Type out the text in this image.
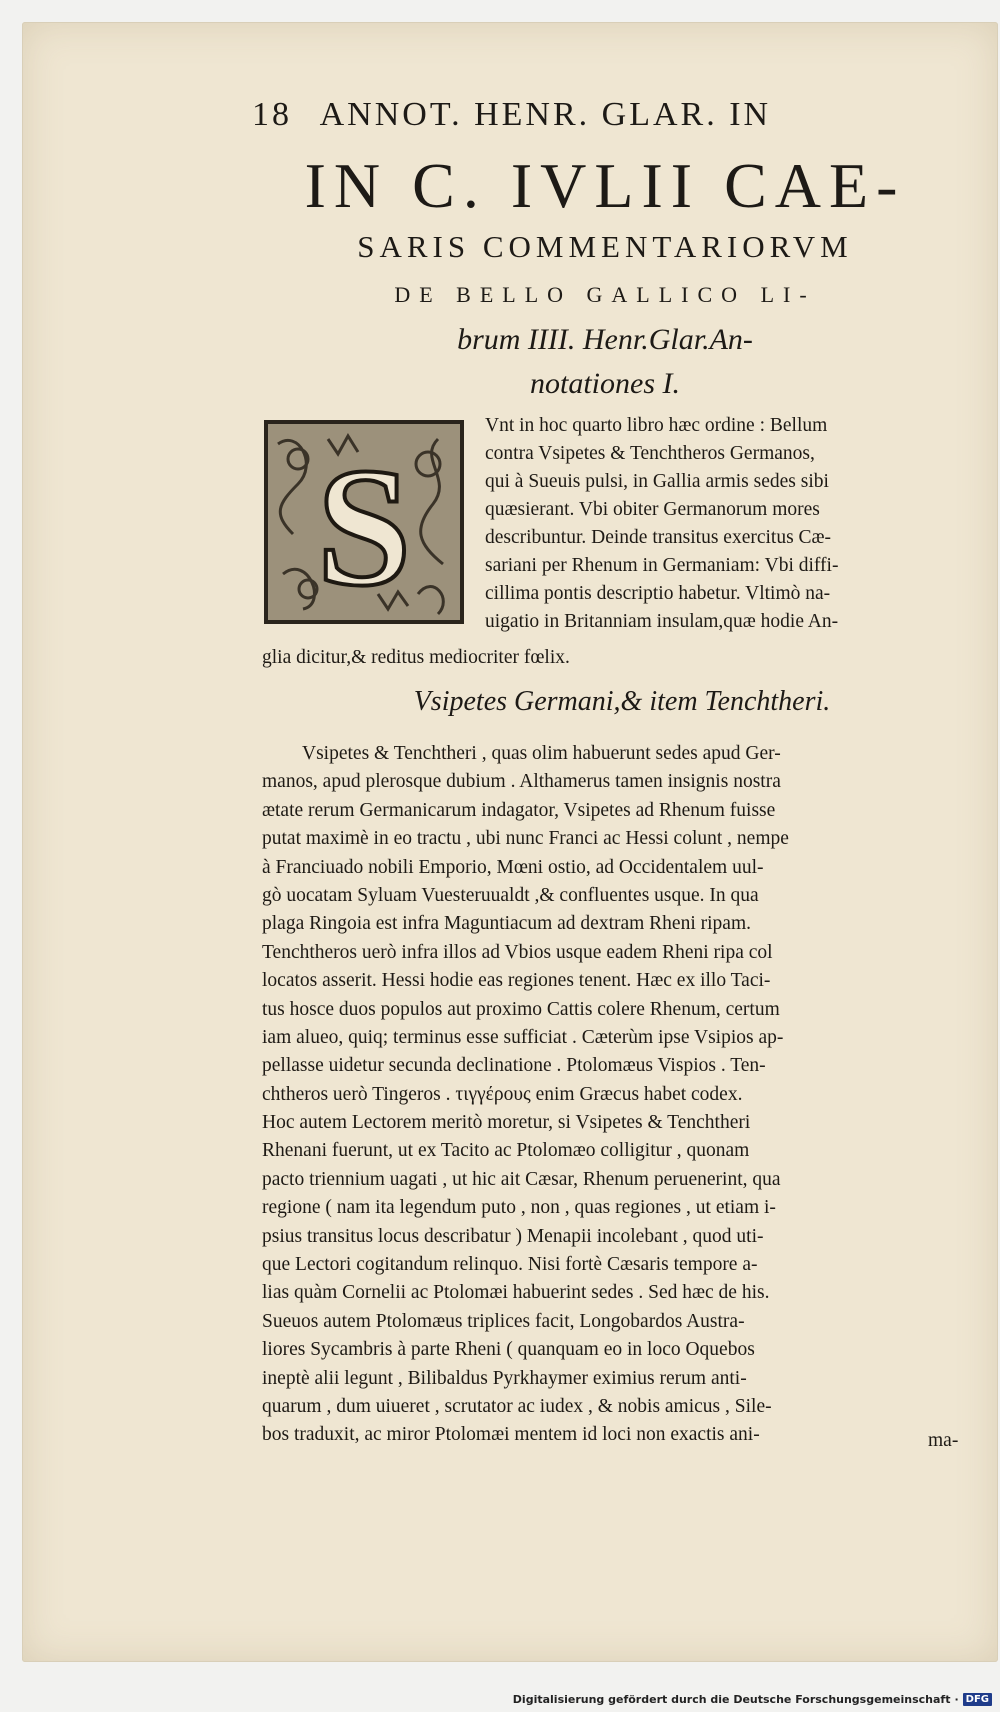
18 ANNOT. HENR. GLAR. IN
IN C. IVLII CAE-
SARIS COMMENTARIORVM
DE BELLO GALLICO LI-
brum IIII. Henr.Glar.An-
notationes I.
S
Vnt in hoc quarto libro hæc ordine : Bellum
contra Vsipetes & Tenchtheros Germanos,
qui à Sueuis pulsi, in Gallia armis sedes sibi
quæsierant. Vbi obiter Germanorum mores
describuntur. Deinde transitus exercitus Cæ-
sariani per Rhenum in Germaniam: Vbi diffi-
cillima pontis descriptio habetur. Vltimò na-
uigatio in Britanniam insulam,quæ hodie An-
glia dicitur,& reditus mediocriter fœlix.
Vsipetes Germani,& item Tenchtheri.
Vsipetes & Tenchtheri , quas olim habuerunt sedes apud Ger-
manos, apud plerosque dubium . Althamerus tamen insignis nostra
ætate rerum Germanicarum indagator, Vsipetes ad Rhenum fuisse
putat maximè in eo tractu , ubi nunc Franci ac Hessi colunt , nempe
à Franciuado nobili Emporio, Mœni ostio, ad Occidentalem uul-
gò uocatam Syluam Vuesteruualdt ,& confluentes usque. In qua
plaga Ringoia est infra Maguntiacum ad dextram Rheni ripam.
Tenchtheros uerò infra illos ad Vbios usque eadem Rheni ripa col
locatos asserit. Hessi hodie eas regiones tenent. Hæc ex illo Taci-
tus hosce duos populos aut proximo Cattis colere Rhenum, certum
iam alueo, quiq; terminus esse sufficiat . Cæterùm ipse Vsipios ap-
pellasse uidetur secunda declinatione . Ptolomæus Vispios . Ten-
chtheros uerò Tingeros . τιγγέρους enim Græcus habet codex.
Hoc autem Lectorem meritò moretur, si Vsipetes & Tenchtheri
Rhenani fuerunt, ut ex Tacito ac Ptolomæo colligitur , quonam
pacto triennium uagati , ut hic ait Cæsar, Rhenum peruenerint, qua
regione ( nam ita legendum puto , non , quas regiones , ut etiam i-
psius transitus locus describatur ) Menapii incolebant , quod uti-
que Lectori cogitandum relinquo. Nisi fortè Cæsaris tempore a-
lias quàm Cornelii ac Ptolomæi habuerint sedes . Sed hæc de his.
Sueuos autem Ptolomæus triplices facit, Longobardos Austra-
liores Sycambris à parte Rheni ( quanquam eo in loco Oquebos
ineptè alii legunt , Bilibaldus Pyrkhaymer eximius rerum anti-
quarum , dum uiueret , scrutator ac iudex , & nobis amicus , Sile-
bos traduxit, ac miror Ptolomæi mentem id loci non exactis ani-	ma-
Digitalisierung gefördert durch die Deutsche Forschungsgemeinschaft · DFG
